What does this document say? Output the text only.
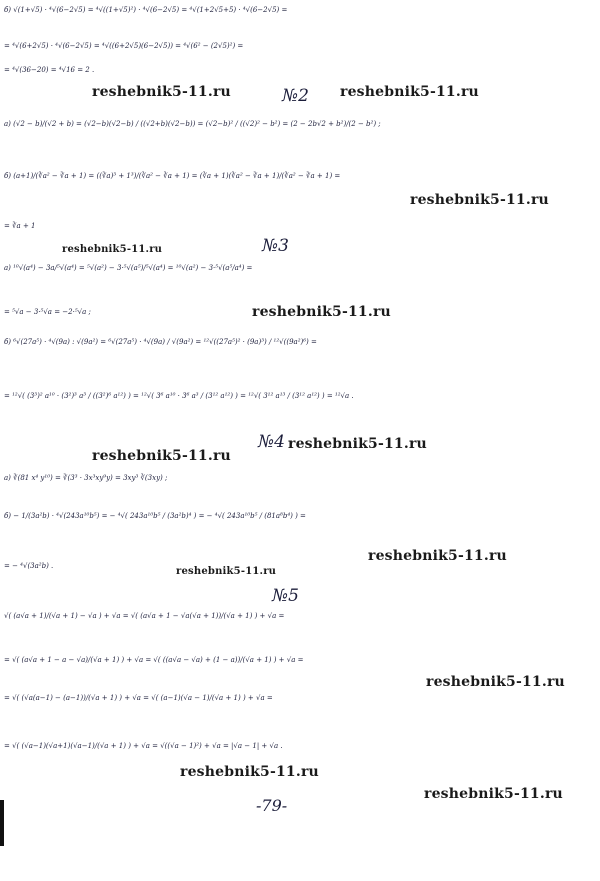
б) √(1+√5) · ⁴√(6−2√5) = ⁴√((1+√5)²) · ⁴√(6−2√5) = ⁴√(1+2√5+5) · ⁴√(6−2√5) =
= ⁴√(6+2√5) · ⁴√(6−2√5) = ⁴√((6+2√5)(6−2√5)) = ⁴√(6² − (2√5)²) =
= ⁴√(36−20) = ⁴√16 = 2 .
reshebnik5-11.ru	№2 reshebnik5-11.ru
а) (√2 − b)/(√2 + b) = (√2−b)(√2−b) / ((√2+b)(√2−b)) = (√2−b)² / ((√2)² − b²) = (2 − 2b√2 + b²)/(2 − b²) ;
б) (a+1)/(∛a² − ∛a + 1) = ((∛a)³ + 1³)/(∛a² − ∛a + 1) = (∛a + 1)(∛a² − ∛a + 1)/(∛a² − ∛a + 1) =
reshebnik5-11.ru
= ∛a + 1
reshebnik5-11.ru	№3
а) ¹⁰√(a⁴) − 3a/⁵√(a⁴) = ⁵√(a²) − 3·⁵√(a⁵)/⁵√(a⁴) = ¹⁰√(a²) − 3·⁵√(a⁵/a⁴) =
= ⁵√a − 3·⁵√a = −2·⁵√a ;	reshebnik5-11.ru
б) ⁶√(27a⁵) · ⁴√(9a) : √(9a²) = ⁶√(27a⁵) · ⁴√(9a) / √(9a²) = ¹²√((27a⁵)² · (9a)³) / ¹²√((9a²)⁶) =
= ¹²√( (3³)² a¹⁰ · (3²)³ a³ / ((3²)⁶ a¹²) ) = ¹²√( 3⁶ a¹⁰ · 3⁶ a³ / (3¹² a¹²) ) = ¹²√( 3¹² a¹³ / (3¹² a¹²) ) = ¹²√a .
№4 reshebnik5-11.ru
reshebnik5-11.ru
а) ∛(81 x⁴ y¹⁰) = ∛(3³ · 3x³xy⁹y) = 3xy³ ∛(3xy) ;
б) − 1/(3a²b) · ⁴√(243a¹⁰b⁵) = − ⁴√( 243a¹⁰b⁵ / (3a²b)⁴ ) = − ⁴√( 243a¹⁰b⁵ / (81a⁸b⁴) ) =
reshebnik5-11.ru
= − ⁴√(3a²b) .	reshebnik5-11.ru
№5
√( (a√a + 1)/(√a + 1) − √a ) + √a = √( (a√a + 1 − √a(√a + 1))/(√a + 1) ) + √a =
= √( (a√a + 1 − a − √a)/(√a + 1) ) + √a = √( ((a√a − √a) + (1 − a))/(√a + 1) ) + √a =
reshebnik5-11.ru
= √( (√a(a−1) − (a−1))/(√a + 1) ) + √a = √( (a−1)(√a − 1)/(√a + 1) ) + √a =
= √( (√a−1)(√a+1)(√a−1)/(√a + 1) ) + √a = √((√a − 1)²) + √a = |√a − 1| + √a .
reshebnik5-11.ru
reshebnik5-11.ru
-79-
